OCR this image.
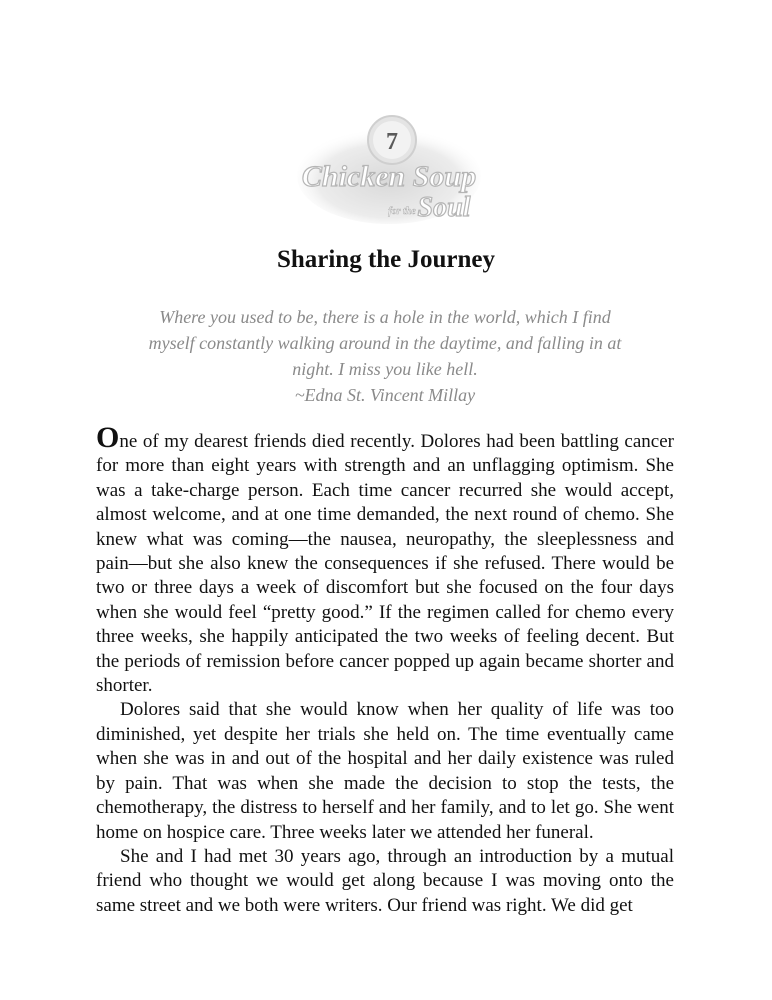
7
Chicken Soup
for the Soul
Sharing the Journey
Where you used to be, there is a hole in the world, which I find
myself constantly walking around in the daytime, and falling in at
night. I miss you like hell.
~Edna St. Vincent Millay

One of my dearest friends died recently. Dolores had been battling cancer for more than eight years with strength and an unflagging optimism. She was a take-charge person. Each time cancer recurred she would accept, almost welcome, and at one time demanded, the next round of chemo. She knew what was coming—the nausea, neuropathy, the sleeplessness and pain—but she also knew the consequences if she refused. There would be two or three days a week of discomfort but she focused on the four days when she would feel “pretty good.” If the regimen called for chemo every three weeks, she happily anticipated the two weeks of feeling decent. But the periods of remission before cancer popped up again became shorter and shorter.

Dolores said that she would know when her quality of life was too diminished, yet despite her trials she held on. The time eventually came when she was in and out of the hospital and her daily existence was ruled by pain. That was when she made the decision to stop the tests, the chemotherapy, the distress to herself and her family, and to let go. She went home on hospice care. Three weeks later we attended her funeral.

She and I had met 30 years ago, through an introduction by a mutual friend who thought we would get along because I was moving onto the same street and we both were writers. Our friend was right. We did get
